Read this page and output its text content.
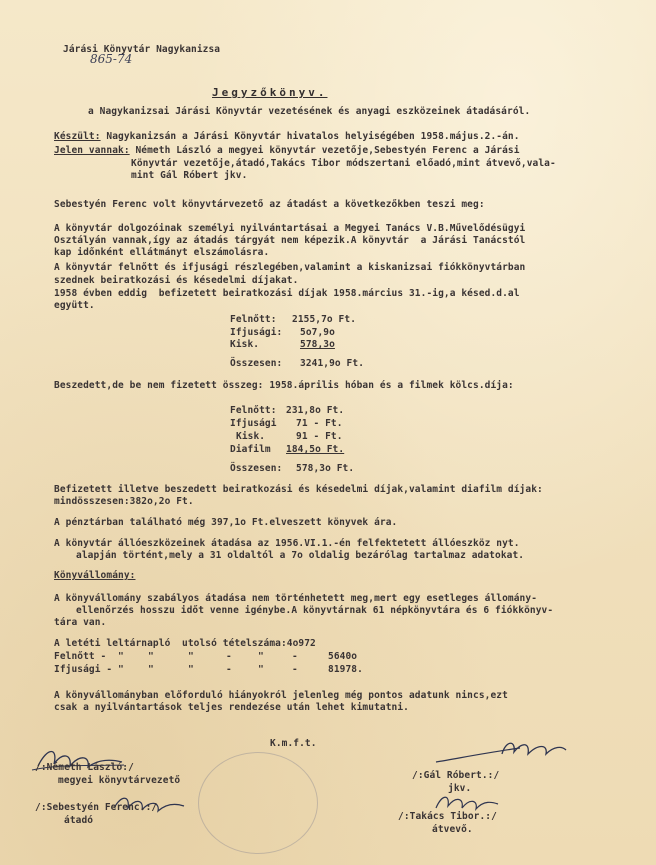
Járási Könyvtár Nagykanizsa
865-74
Jegyzőkönyv.
a Nagykanizsai Járási Könyvtár vezetésének és anyagi eszközeinek átadásáról.
Készült: Nagykanizsán a Járási Könyvtár hivatalos helyiségében 1958.május.2.-án.
Jelen vannak: Németh László a megyei könyvtár vezetője,Sebestyén Ferenc a Járási
Könyvtár vezetője,átadó,Takács Tibor módszertani előadó,mint átvevő,vala-
mint Gál Róbert jkv.
Sebestyén Ferenc volt könyvtárvezető az átadást a következőkben teszi meg:
A könyvtár dolgozóinak személyi nyilvántartásai a Megyei Tanács V.B.Művelődésügyi
Osztályán vannak,így az átadás tárgyát nem képezik.A könyvtár  a Járási Tanácstól
kap időnként ellátmányt elszámolásra.
A könyvtár felnőtt és ifjusági részlegében,valamint a kiskanizsai fiókkönyvtárban
szednek beiratkozási és késedelmi díjakat.
1958 évben eddig  befizetett beiratkozási díjak 1958.március 31.-ig,a késed.d.al
együtt.
Felnőtt: 2155,7o Ft.
Ifjusági: 5o7,9o
Kisk.	578,3o
Összesen: 3241,9o Ft.
Beszedett,de be nem fizetett összeg: 1958.április hóban és a filmek kölcs.díja:
Felnőtt: 231,8o Ft.
Ifjusági 71 - Ft.
Kisk.	91 - Ft.
Diafilm 184,5o Ft.
Összesen: 578,3o Ft.
Befizetett illetve beszedett beiratkozási és késedelmi díjak,valamint diafilm díjak:
mindösszesen:382o,2o Ft.
A pénztárban található még 397,1o Ft.elveszett könyvek ára.
A könyvtár állóeszközeinek átadása az 1956.VI.1.-én felfektetett állóeszköz nyt.
alapján történt,mely a 31 oldaltól a 7o oldalig bezárólag tartalmaz adatokat.
Könyvállomány:
A könyvállomány szabályos átadása nem történhetett meg,mert egy esetleges állomány-
ellenőrzés hosszu időt venne igénybe.A könyvtárnak 61 népkönyvtára és 6 fiókkönyv-
tára van.
A letéti leltárnapló  utolsó tételszáma:4o972
Felnőtt - "	"	"	-	"	-	5640o
Ifjusági - "	"	"	-	"	-	81978.
A könyvállományban előforduló hiányokról jelenleg még pontos adatunk nincs,ezt
csak a nyilvántartások teljes rendezése után lehet kimutatni.
K.m.f.t.
/:Németh László:/
megyei könyvtárvezető
/:Sebestyén Ferenc.:/
átadó
/:Gál Róbert.:/
jkv.
/:Takács Tibor.:/
átvevő.
